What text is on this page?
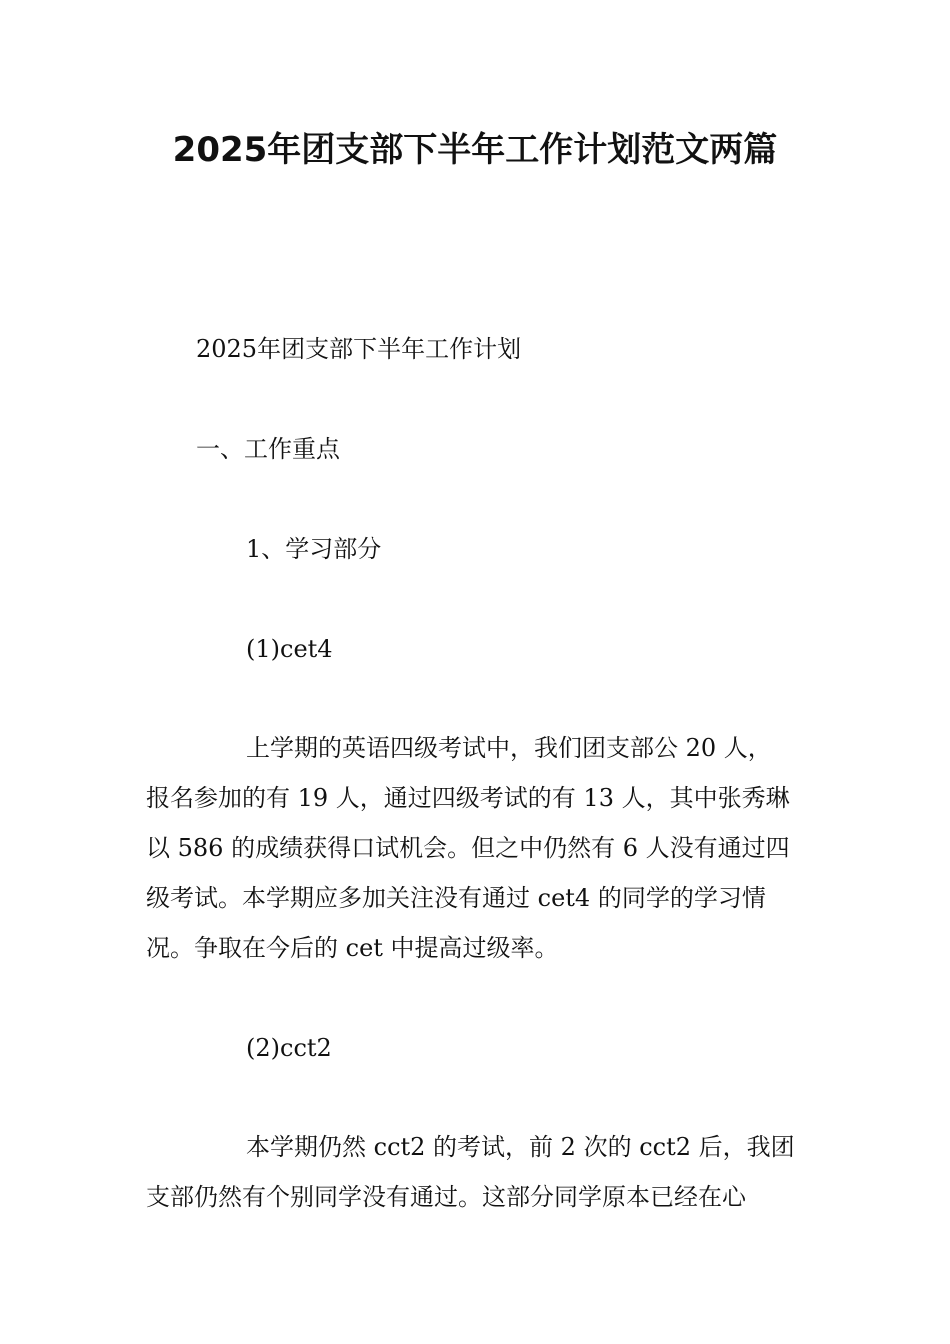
2025年团支部下半年工作计划范文两篇
2025年团支部下半年工作计划
一、工作重点
1、学习部分
(1)cet4
上学期的英语四级考试中，我们团支部公 20 人，
报名参加的有 19 人，通过四级考试的有 13 人，其中张秀琳
以 586 的成绩获得口试机会。但之中仍然有 6 人没有通过四
级考试。本学期应多加关注没有通过 cet4 的同学的学习情
况。争取在今后的 cet 中提高过级率。
(2)cct2
本学期仍然 cct2 的考试，前 2 次的 cct2 后，我团
支部仍然有个别同学没有通过。这部分同学原本已经在心
